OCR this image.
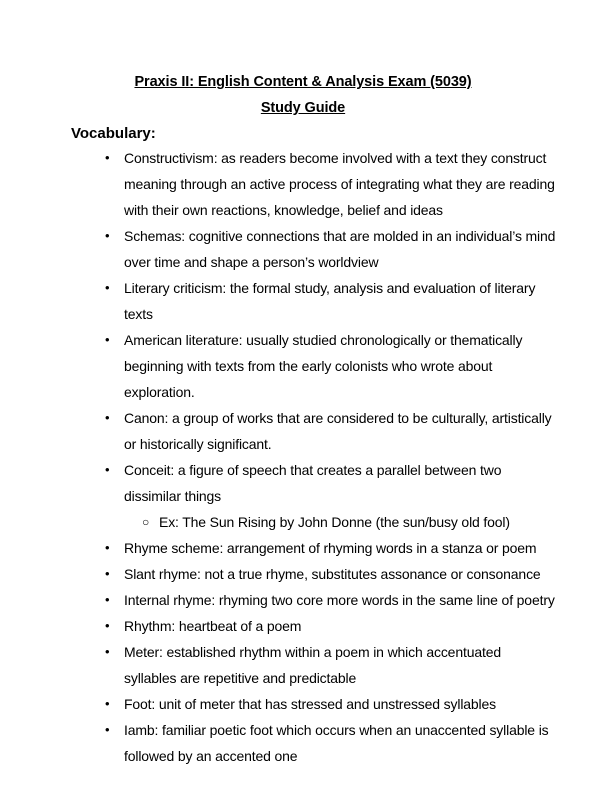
Praxis II: English Content & Analysis Exam (5039)
Study Guide
Vocabulary:
• Constructivism: as readers become involved with a text they construct meaning through an active process of integrating what they are reading with their own reactions, knowledge, belief and ideas
• Schemas: cognitive connections that are molded in an individual’s mind over time and shape a person’s worldview
• Literary criticism: the formal study, analysis and evaluation of literary texts
• American literature: usually studied chronologically or thematically beginning with texts from the early colonists who wrote about exploration.
• Canon: a group of works that are considered to be culturally, artistically or historically significant.
• Conceit: a figure of speech that creates a parallel between two dissimilar things
○ Ex: The Sun Rising by John Donne (the sun/busy old fool)
• Rhyme scheme: arrangement of rhyming words in a stanza or poem
• Slant rhyme: not a true rhyme, substitutes assonance or consonance
• Internal rhyme: rhyming two core more words in the same line of poetry
• Rhythm: heartbeat of a poem
• Meter: established rhythm within a poem in which accentuated syllables are repetitive and predictable
• Foot: unit of meter that has stressed and unstressed syllables
• Iamb: familiar poetic foot which occurs when an unaccented syllable is followed by an accented one
